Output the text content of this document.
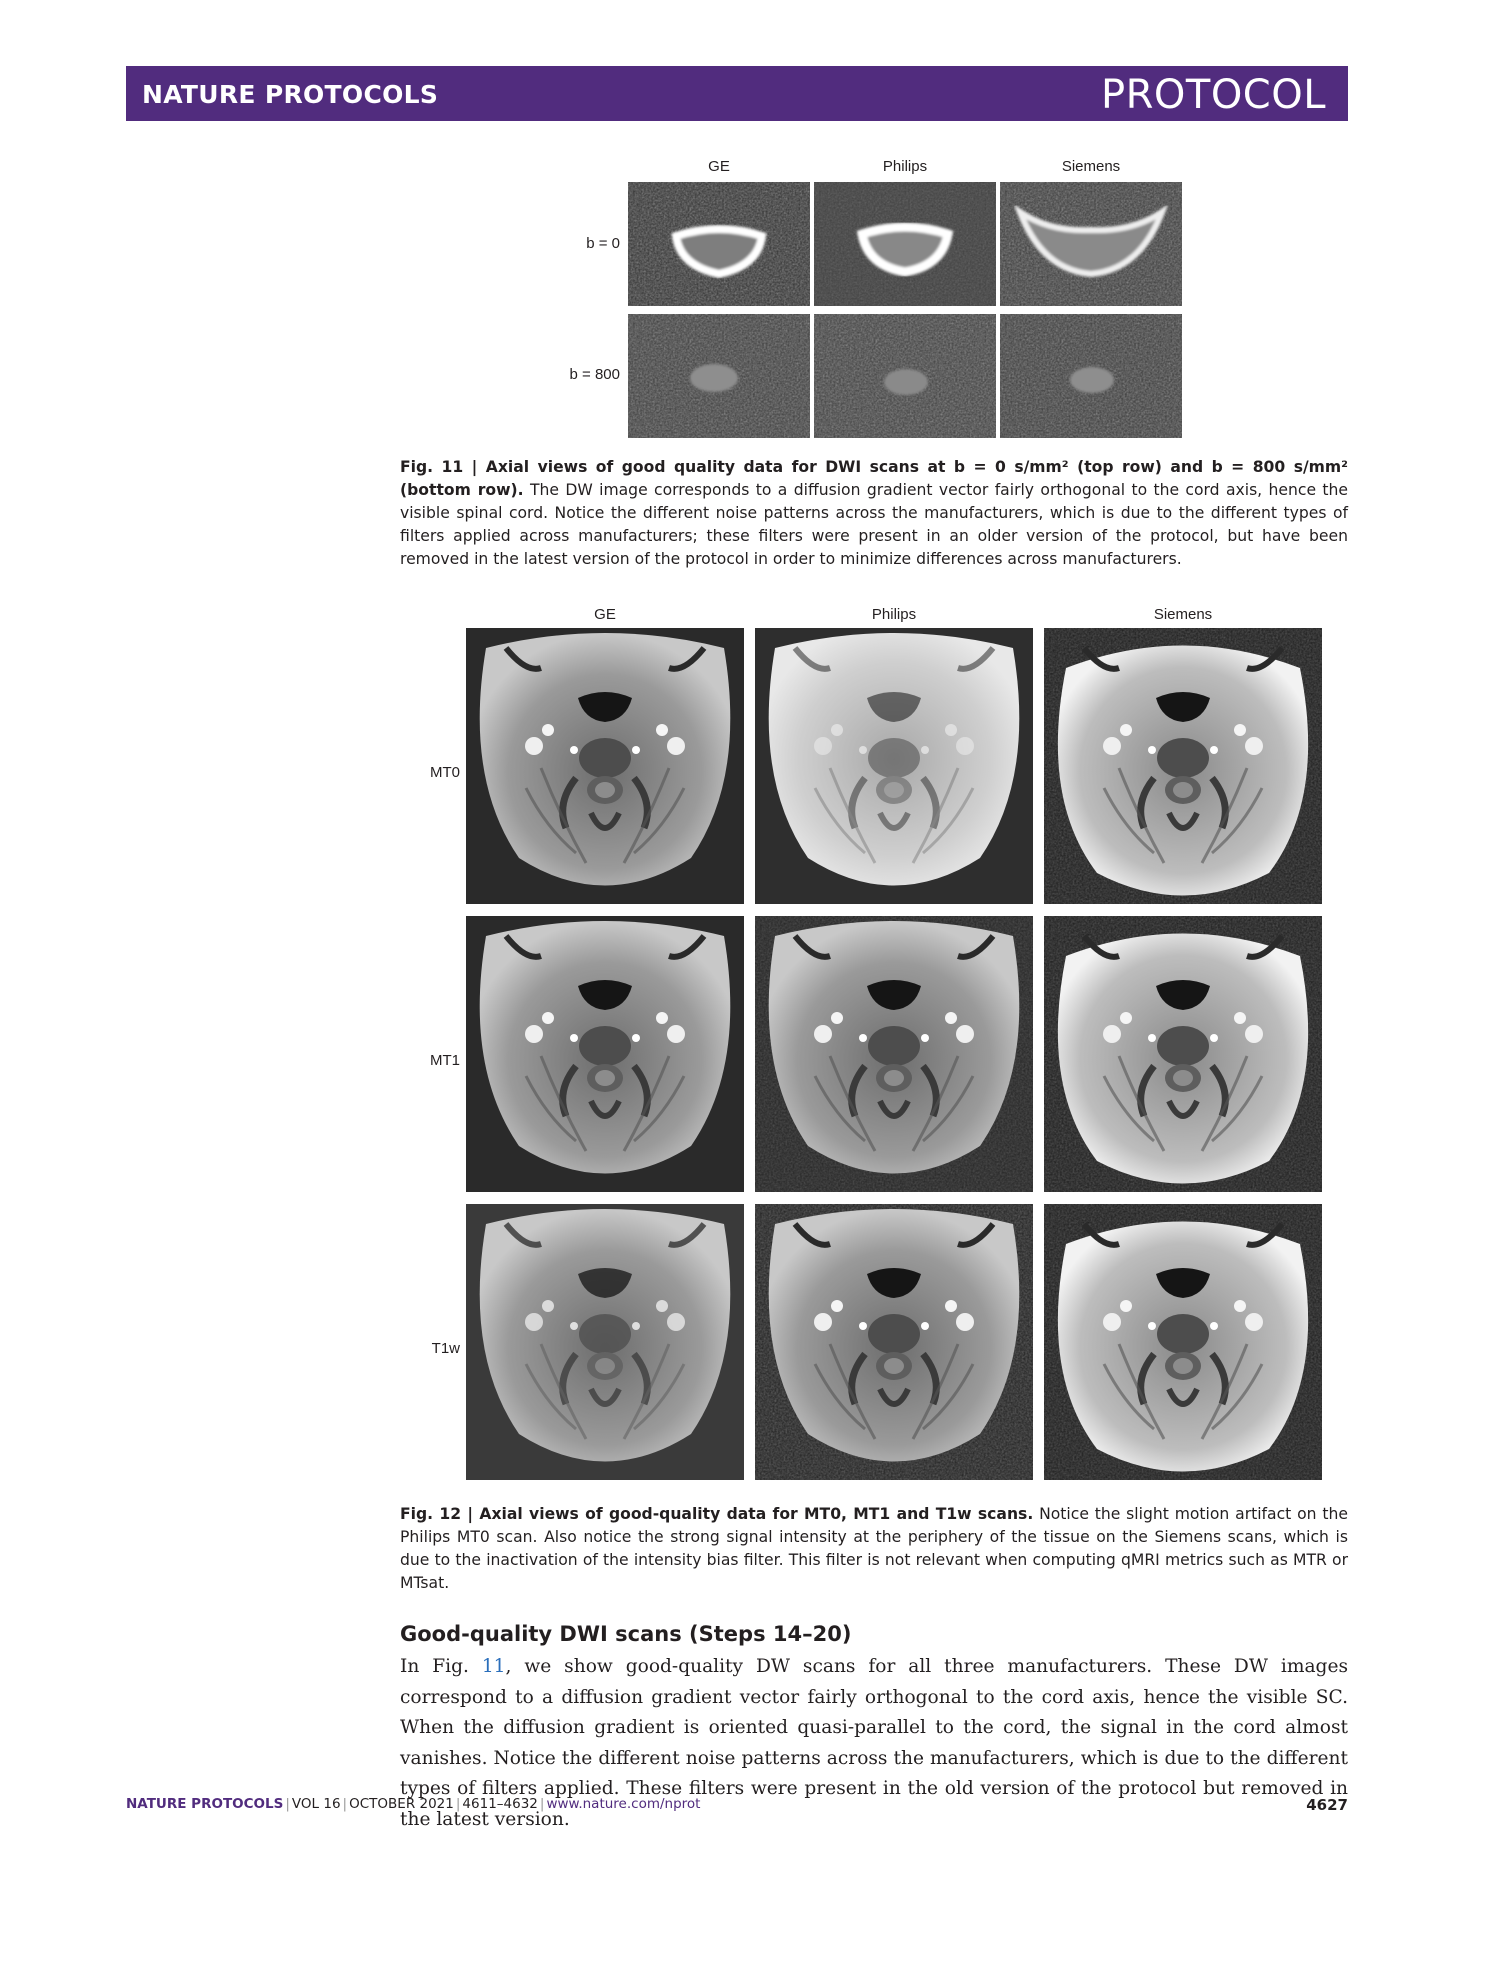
NATURE PROTOCOLS	PROTOCOL
GE	Philips	Siemens
b = 0
b = 800
Fig. 11 | Axial views of good quality data for DWI scans at b = 0 s/mm² (top row) and b = 800 s/mm² (bottom row). The DW image corresponds to a diffusion gradient vector fairly orthogonal to the cord axis, hence the visible spinal cord. Notice the different noise patterns across the manufacturers, which is due to the different types of filters applied across manufacturers; these filters were present in an older version of the protocol, but have been removed in the latest version of the protocol in order to minimize differences across manufacturers.
GE	Philips	Siemens
MT0
MT1
T1w
Fig. 12 | Axial views of good-quality data for MT0, MT1 and T1w scans. Notice the slight motion artifact on the Philips MT0 scan. Also notice the strong signal intensity at the periphery of the tissue on the Siemens scans, which is due to the inactivation of the intensity bias filter. This filter is not relevant when computing qMRI metrics such as MTR or MTsat.
Good-quality DWI scans (Steps 14–20)
In Fig. 11, we show good-quality DW scans for all three manufacturers. These DW images correspond to a diffusion gradient vector fairly orthogonal to the cord axis, hence the visible SC. When the diffusion gradient is oriented quasi-parallel to the cord, the signal in the cord almost vanishes. Notice the different noise patterns across the manufacturers, which is due to the different types of filters applied. These filters were present in the old version of the protocol but removed in the latest version.
NATURE PROTOCOLS | VOL 16 | OCTOBER 2021 | 4611–4632 | www.nature.com/nprot	4627
